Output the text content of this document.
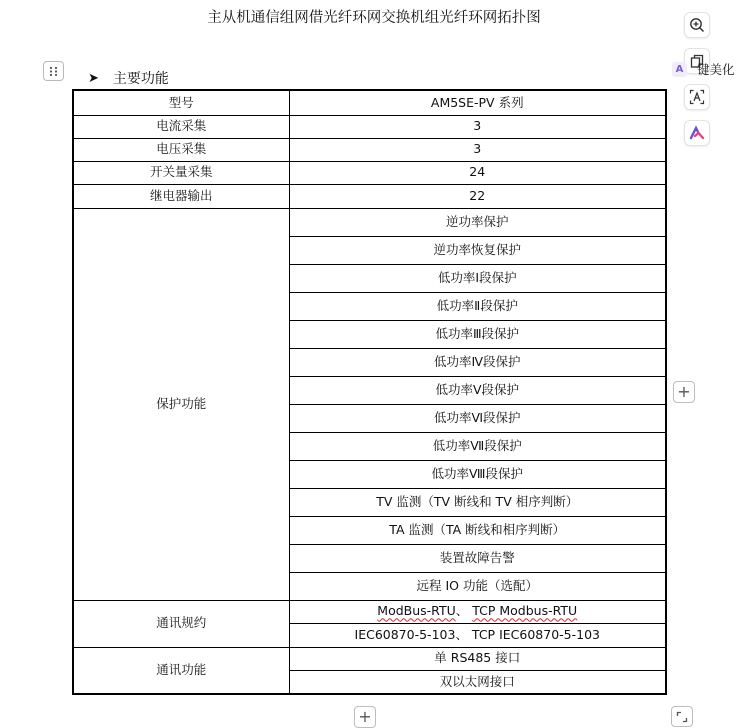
主从机通信组网借光纤环网交换机组光纤环网拓扑图
➤ 主要功能
型号	AM5SE-PV 系列
电流采集	3
电压采集	3
开关量采集	24
继电器输出	22
保护功能	逆功率保护
	逆功率恢复保护
	低功率Ⅰ段保护
	低功率Ⅱ段保护
	低功率Ⅲ段保护
	低功率Ⅳ段保护
	低功率Ⅴ段保护
	低功率Ⅵ段保护
	低功率Ⅶ段保护
	低功率Ⅷ段保护
	TV 监测（TV 断线和 TV 相序判断）
	TA 监测（TA 断线和相序判断）
	装置故障告警
	远程 IO 功能（选配）
通讯规约	ModBus-RTU、 TCP Modbus-RTU
	IEC60870-5-103、 TCP IEC60870-5-103
通讯功能	单 RS485 接口
	双以太网接口
A 键美化
+
+
